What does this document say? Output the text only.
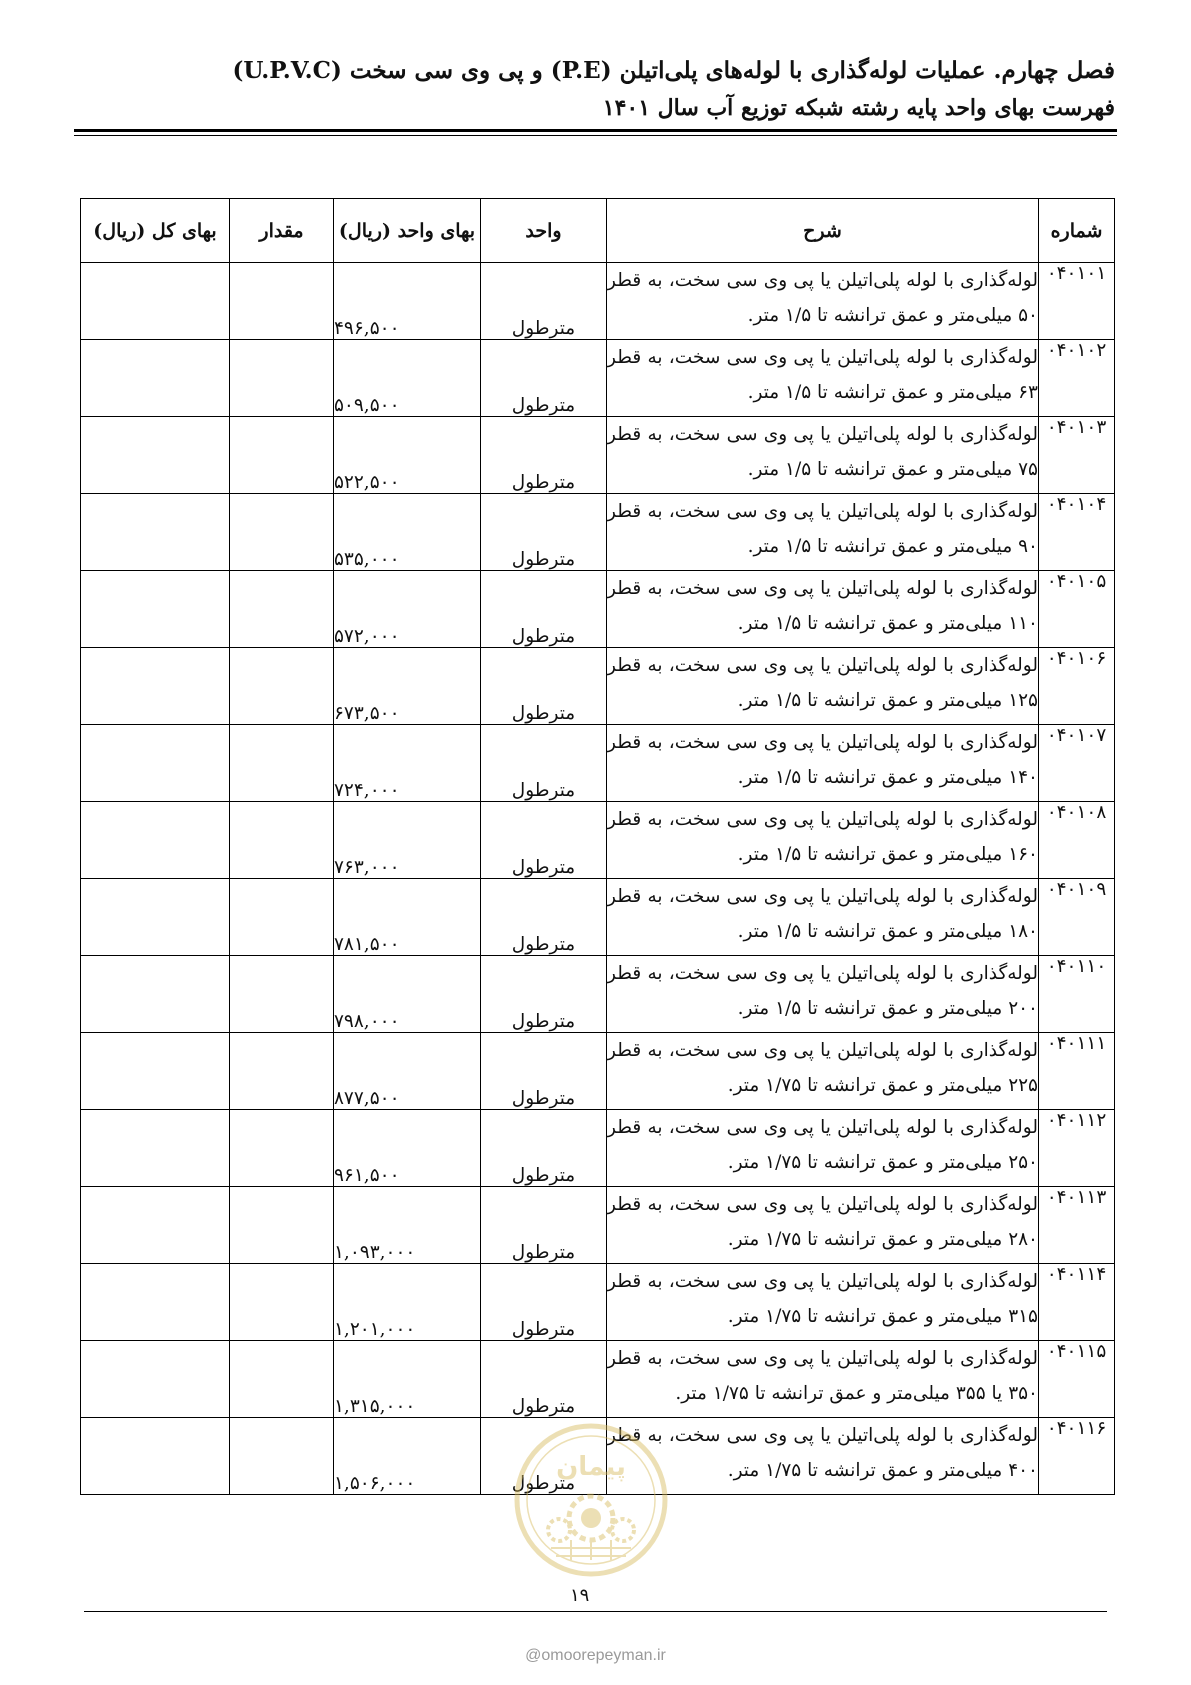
فصل چهارم. عملیات لوله‌گذاری با لوله‌های پلی‌اتیلن (P.E) و پی وی سی سخت (U.P.V.C)
فهرست بهای واحد پایه رشته شبکه توزیع آب سال ۱۴۰۱
شماره	شرح	واحد	بهای واحد (ریال)	مقدار	بهای کل (ریال)
۰۴۰۱۰۱	لوله‌گذاری با لوله پلی‌اتیلن یا پی وی سی سخت، به قطر ۵۰ میلی‌متر و عمق ترانشه تا ۱/۵ متر.	مترطول	۴۹۶,۵۰۰		
۰۴۰۱۰۲	لوله‌گذاری با لوله پلی‌اتیلن یا پی وی سی سخت، به قطر ۶۳ میلی‌متر و عمق ترانشه تا ۱/۵ متر.	مترطول	۵۰۹,۵۰۰		
۰۴۰۱۰۳	لوله‌گذاری با لوله پلی‌اتیلن یا پی وی سی سخت، به قطر ۷۵ میلی‌متر و عمق ترانشه تا ۱/۵ متر.	مترطول	۵۲۲,۵۰۰		
۰۴۰۱۰۴	لوله‌گذاری با لوله پلی‌اتیلن یا پی وی سی سخت، به قطر ۹۰ میلی‌متر و عمق ترانشه تا ۱/۵ متر.	مترطول	۵۳۵,۰۰۰		
۰۴۰۱۰۵	لوله‌گذاری با لوله پلی‌اتیلن یا پی وی سی سخت، به قطر ۱۱۰ میلی‌متر و عمق ترانشه تا ۱/۵ متر.	مترطول	۵۷۲,۰۰۰		
۰۴۰۱۰۶	لوله‌گذاری با لوله پلی‌اتیلن یا پی وی سی سخت، به قطر ۱۲۵ میلی‌متر و عمق ترانشه تا ۱/۵ متر.	مترطول	۶۷۳,۵۰۰		
۰۴۰۱۰۷	لوله‌گذاری با لوله پلی‌اتیلن یا پی وی سی سخت، به قطر ۱۴۰ میلی‌متر و عمق ترانشه تا ۱/۵ متر.	مترطول	۷۲۴,۰۰۰		
۰۴۰۱۰۸	لوله‌گذاری با لوله پلی‌اتیلن یا پی وی سی سخت، به قطر ۱۶۰ میلی‌متر و عمق ترانشه تا ۱/۵ متر.	مترطول	۷۶۳,۰۰۰		
۰۴۰۱۰۹	لوله‌گذاری با لوله پلی‌اتیلن یا پی وی سی سخت، به قطر ۱۸۰ میلی‌متر و عمق ترانشه تا ۱/۵ متر.	مترطول	۷۸۱,۵۰۰		
۰۴۰۱۱۰	لوله‌گذاری با لوله پلی‌اتیلن یا پی وی سی سخت، به قطر ۲۰۰ میلی‌متر و عمق ترانشه تا ۱/۵ متر.	مترطول	۷۹۸,۰۰۰		
۰۴۰۱۱۱	لوله‌گذاری با لوله پلی‌اتیلن یا پی وی سی سخت، به قطر ۲۲۵ میلی‌متر و عمق ترانشه تا ۱/۷۵ متر.	مترطول	۸۷۷,۵۰۰		
۰۴۰۱۱۲	لوله‌گذاری با لوله پلی‌اتیلن یا پی وی سی سخت، به قطر ۲۵۰ میلی‌متر و عمق ترانشه تا ۱/۷۵ متر.	مترطول	۹۶۱,۵۰۰		
۰۴۰۱۱۳	لوله‌گذاری با لوله پلی‌اتیلن یا پی وی سی سخت، به قطر ۲۸۰ میلی‌متر و عمق ترانشه تا ۱/۷۵ متر.	مترطول	۱,۰۹۳,۰۰۰		
۰۴۰۱۱۴	لوله‌گذاری با لوله پلی‌اتیلن یا پی وی سی سخت، به قطر ۳۱۵ میلی‌متر و عمق ترانشه تا ۱/۷۵ متر.	مترطول	۱,۲۰۱,۰۰۰		
۰۴۰۱۱۵	لوله‌گذاری با لوله پلی‌اتیلن یا پی وی سی سخت، به قطر ۳۵۰ یا ۳۵۵ میلی‌متر و عمق ترانشه تا ۱/۷۵ متر.	مترطول	۱,۳۱۵,۰۰۰		
۰۴۰۱۱۶	لوله‌گذاری با لوله پلی‌اتیلن یا پی وی سی سخت، به قطر ۴۰۰ میلی‌متر و عمق ترانشه تا ۱/۷۵ متر.	مترطول	۱,۵۰۶,۰۰۰		
پیمان
۱۹
@omoorepeyman.ir
